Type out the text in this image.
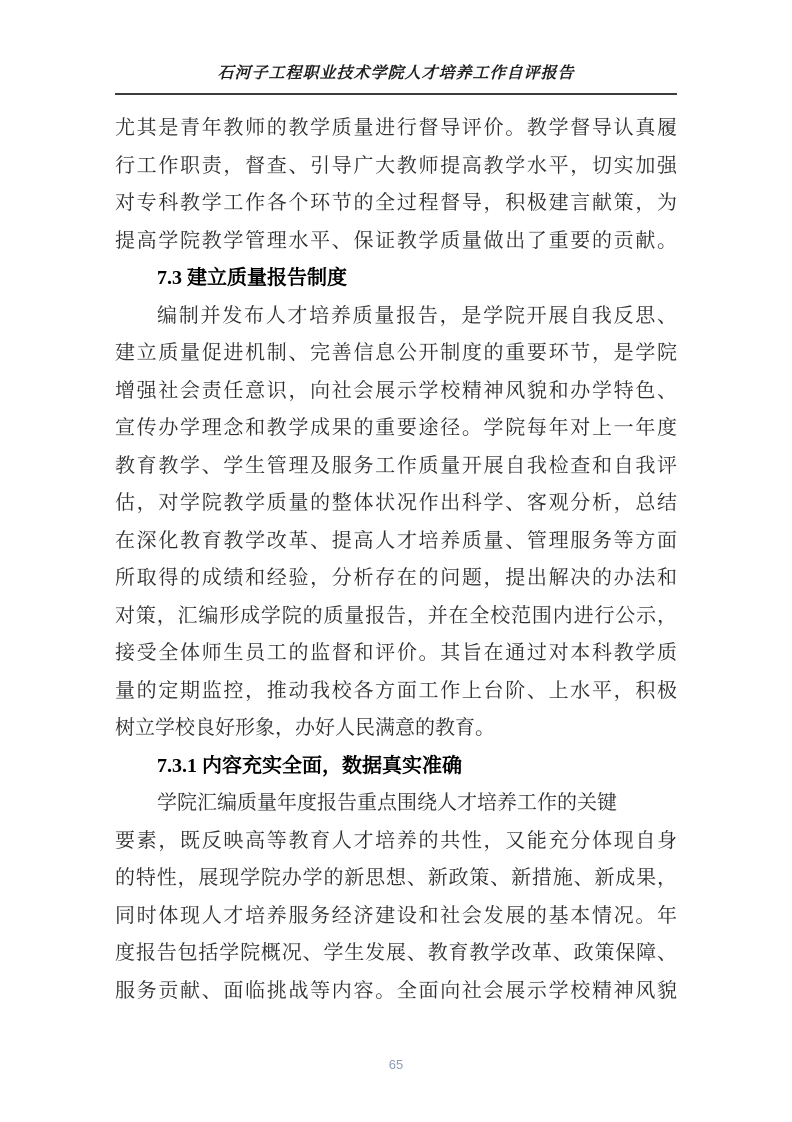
石河子工程职业技术学院人才培养工作自评报告
尤其是青年教师的教学质量进行督导评价。教学督导认真履
行工作职责，督查、引导广大教师提高教学水平，切实加强
对专科教学工作各个环节的全过程督导，积极建言献策，为
提高学院教学管理水平、保证教学质量做出了重要的贡献。
7.3 建立质量报告制度
编制并发布人才培养质量报告，是学院开展自我反思、
建立质量促进机制、完善信息公开制度的重要环节，是学院
增强社会责任意识，向社会展示学校精神风貌和办学特色、
宣传办学理念和教学成果的重要途径。学院每年对上一年度
教育教学、学生管理及服务工作质量开展自我检查和自我评
估，对学院教学质量的整体状况作出科学、客观分析，总结
在深化教育教学改革、提高人才培养质量、管理服务等方面
所取得的成绩和经验，分析存在的问题，提出解决的办法和
对策，汇编形成学院的质量报告，并在全校范围内进行公示，
接受全体师生员工的监督和评价。其旨在通过对本科教学质
量的定期监控，推动我校各方面工作上台阶、上水平，积极
树立学校良好形象，办好人民满意的教育。
7.3.1 内容充实全面，数据真实准确
学院汇编质量年度报告重点围绕人才培养工作的关键
要素，既反映高等教育人才培养的共性，又能充分体现自身
的特性，展现学院办学的新思想、新政策、新措施、新成果，
同时体现人才培养服务经济建设和社会发展的基本情况。年
度报告包括学院概况、学生发展、教育教学改革、政策保障、
服务贡献、面临挑战等内容。全面向社会展示学校精神风貌
65
